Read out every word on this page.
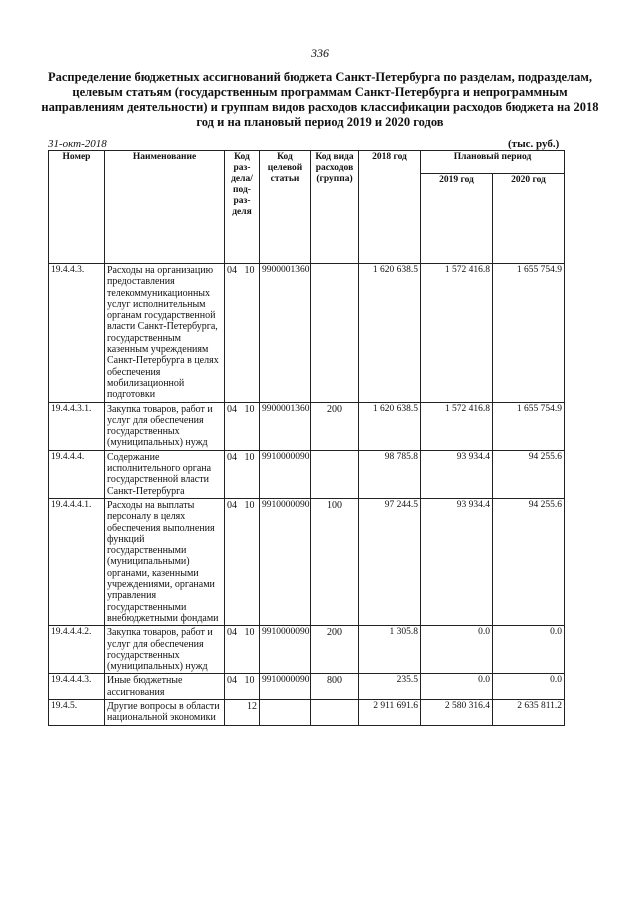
336
Распределение бюджетных ассигнований бюджета Санкт-Петербурга по разделам, подразделам, целевым статьям (государственным программам Санкт-Петербурга и непрограммным направлениям деятельности) и группам видов расходов классификации расходов бюджета на 2018 год и на плановый период 2019 и 2020 годов
31-окт-2018	(тыс. руб.)
Номер	Наименование	Код раз-дела/ под-раз-деля	Код целевой статьи	Код вида расходов (группа)	2018 год	Плановый период	
						2019 год	2020 год
19.4.4.3.	Расходы на организацию предоставления телекоммуникационных услуг исполнительным органам государственной власти Санкт-Петербурга, государственным казенным учреждениям Санкт-Петербурга в целях обеспечения мобилизационной подготовки	04 10	9900001360		1 620 638.5	1 572 416.8	1 655 754.9
19.4.4.3.1.	Закупка товаров, работ и услуг для обеспечения государственных (муниципальных) нужд	04 10	9900001360	200	1 620 638.5	1 572 416.8	1 655 754.9
19.4.4.4.	Содержание исполнительного органа государственной власти Санкт-Петербурга	04 10	9910000090		98 785.8	93 934.4	94 255.6
19.4.4.4.1.	Расходы на выплаты персоналу в целях обеспечения выполнения функций государственными (муниципальными) органами, казенными учреждениями, органами управления государственными внебюджетными фондами	04 10	9910000090	100	97 244.5	93 934.4	94 255.6
19.4.4.4.2.	Закупка товаров, работ и услуг для обеспечения государственных (муниципальных) нужд	04 10	9910000090	200	1 305.8	0.0	0.0
19.4.4.4.3.	Иные бюджетные ассигнования	04 10	9910000090	800	235.5	0.0	0.0
19.4.5.	Другие вопросы в области национальной экономики	12			2 911 691.6	2 580 316.4	2 635 811.2
